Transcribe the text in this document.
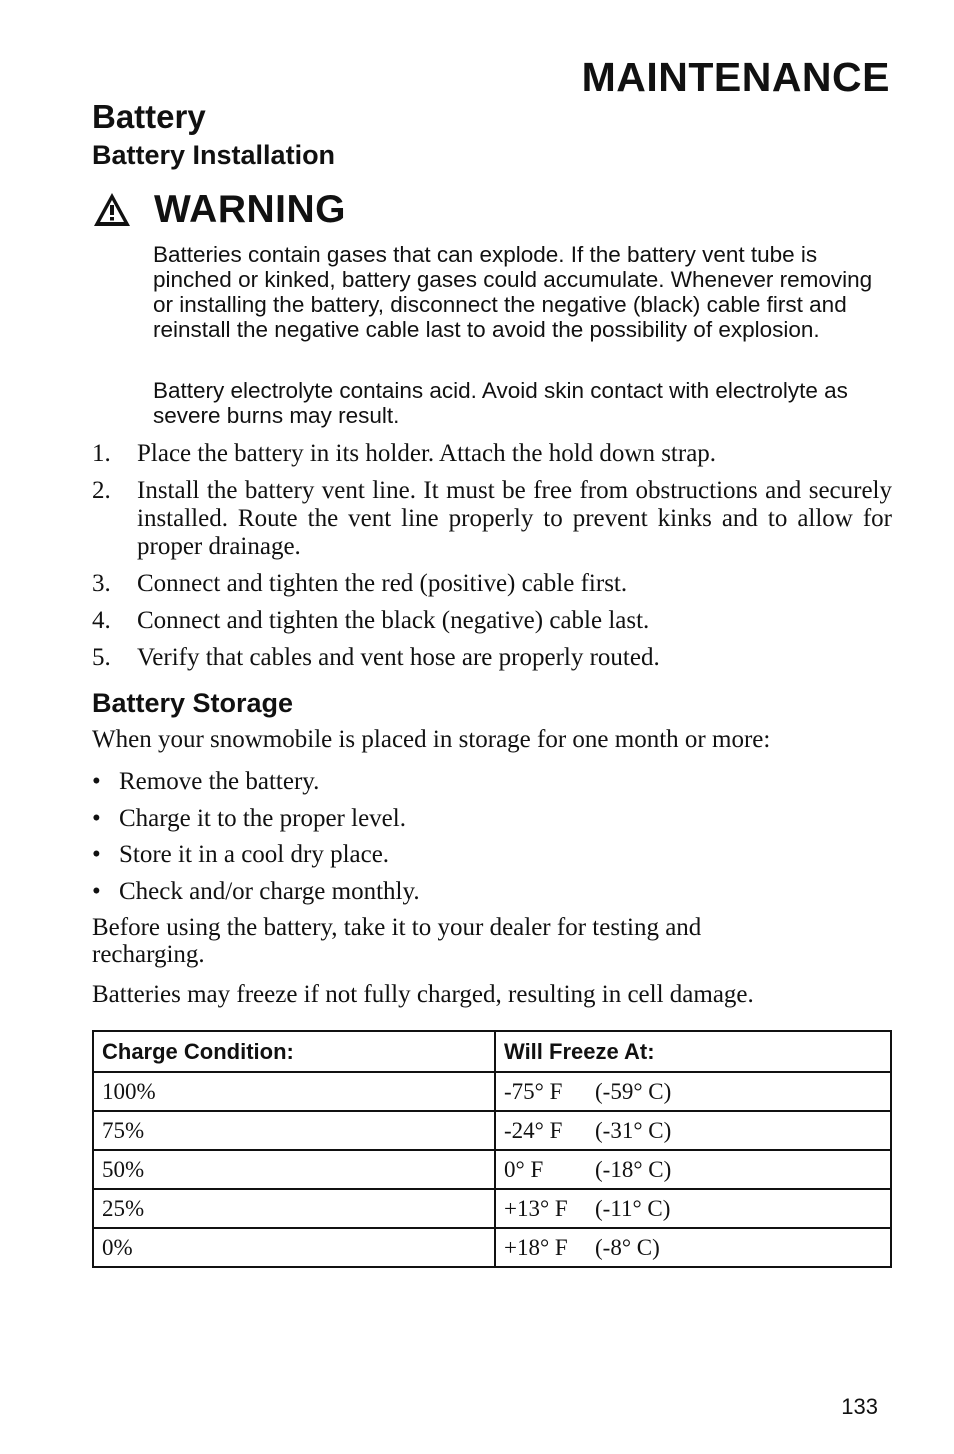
MAINTENANCE
Battery
Battery Installation
WARNING
Batteries contain gases that can explode. If the battery vent tube is pinched or kinked, battery gases could accumulate. Whenever removing or installing the battery, disconnect the negative (black) cable first and reinstall the negative cable last to avoid the possibility of explosion.
Battery electrolyte contains acid. Avoid skin contact with electrolyte as severe burns may result.
1.	Place the battery in its holder. Attach the hold down strap.
2.	Install the battery vent line. It must be free from obstructions and securely installed. Route the vent line properly to prevent kinks and to allow for proper drainage.
3.	Connect and tighten the red (positive) cable first.
4.	Connect and tighten the black (negative) cable last.
5.	Verify that cables and vent hose are properly routed.
Battery Storage
When your snowmobile is placed in storage for one month or more:
• Remove the battery.
• Charge it to the proper level.
• Store it in a cool dry place.
• Check and/or charge monthly.
Before using the battery, take it to your dealer for testing and recharging.
Batteries may freeze if not fully charged, resulting in cell damage.
Charge Condition:	Will Freeze At:
100%	-75° F (-59° C)
75%	-24° F (-31° C)
50%	0° F (-18° C)
25%	+13° F (-11° C)
0%	+18° F (-8° C)
133
